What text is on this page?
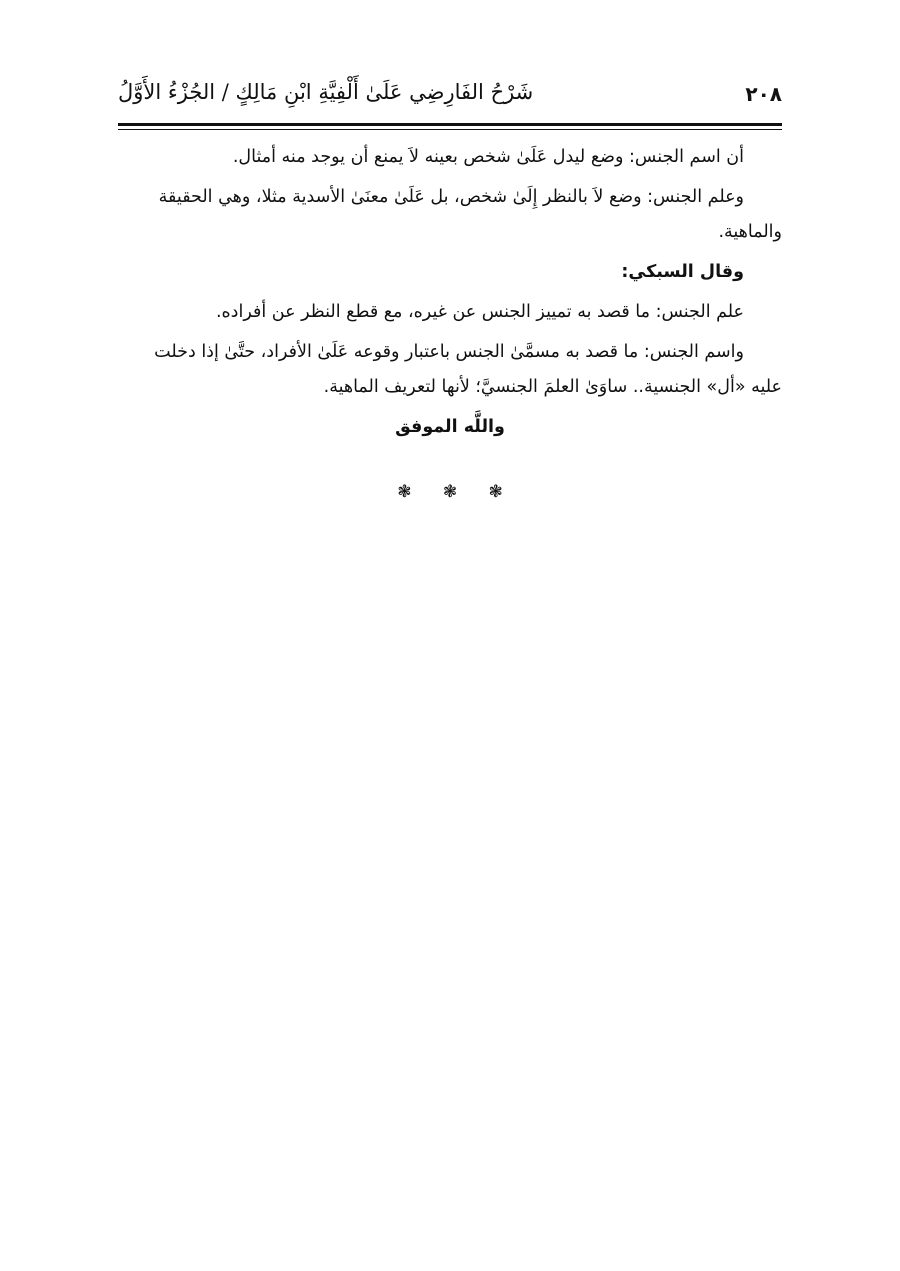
شَرْحُ الفَارِضِي عَلَىٰ أَلْفِيَّةِ ابْنِ مَالِكٍ / الجُزْءُ الأَوَّلُ	٢٠٨

أن اسم الجنس: وضع ليدل عَلَىٰ شخص بعينه لاَ يمنع أن يوجد منه أمثال.

وعلم الجنس: وضع لاَ بالنظر إِلَىٰ شخص، بل عَلَىٰ معنَىٰ الأسدية مثلا، وهي الحقيقة والماهية.

وقال السبكي:

علم الجنس: ما قصد به تمييز الجنس عن غيره، مع قطع النظر عن أفراده.

واسم الجنس: ما قصد به مسمَّىٰ الجنس باعتبار وقوعه عَلَىٰ الأفراد، حتَّىٰ إذا دخلت عليه «أل» الجنسية.. ساوَىٰ العلمَ الجنسيَّ؛ لأنها لتعريف الماهية.

واللَّه الموفق

❃ ❃ ❃
